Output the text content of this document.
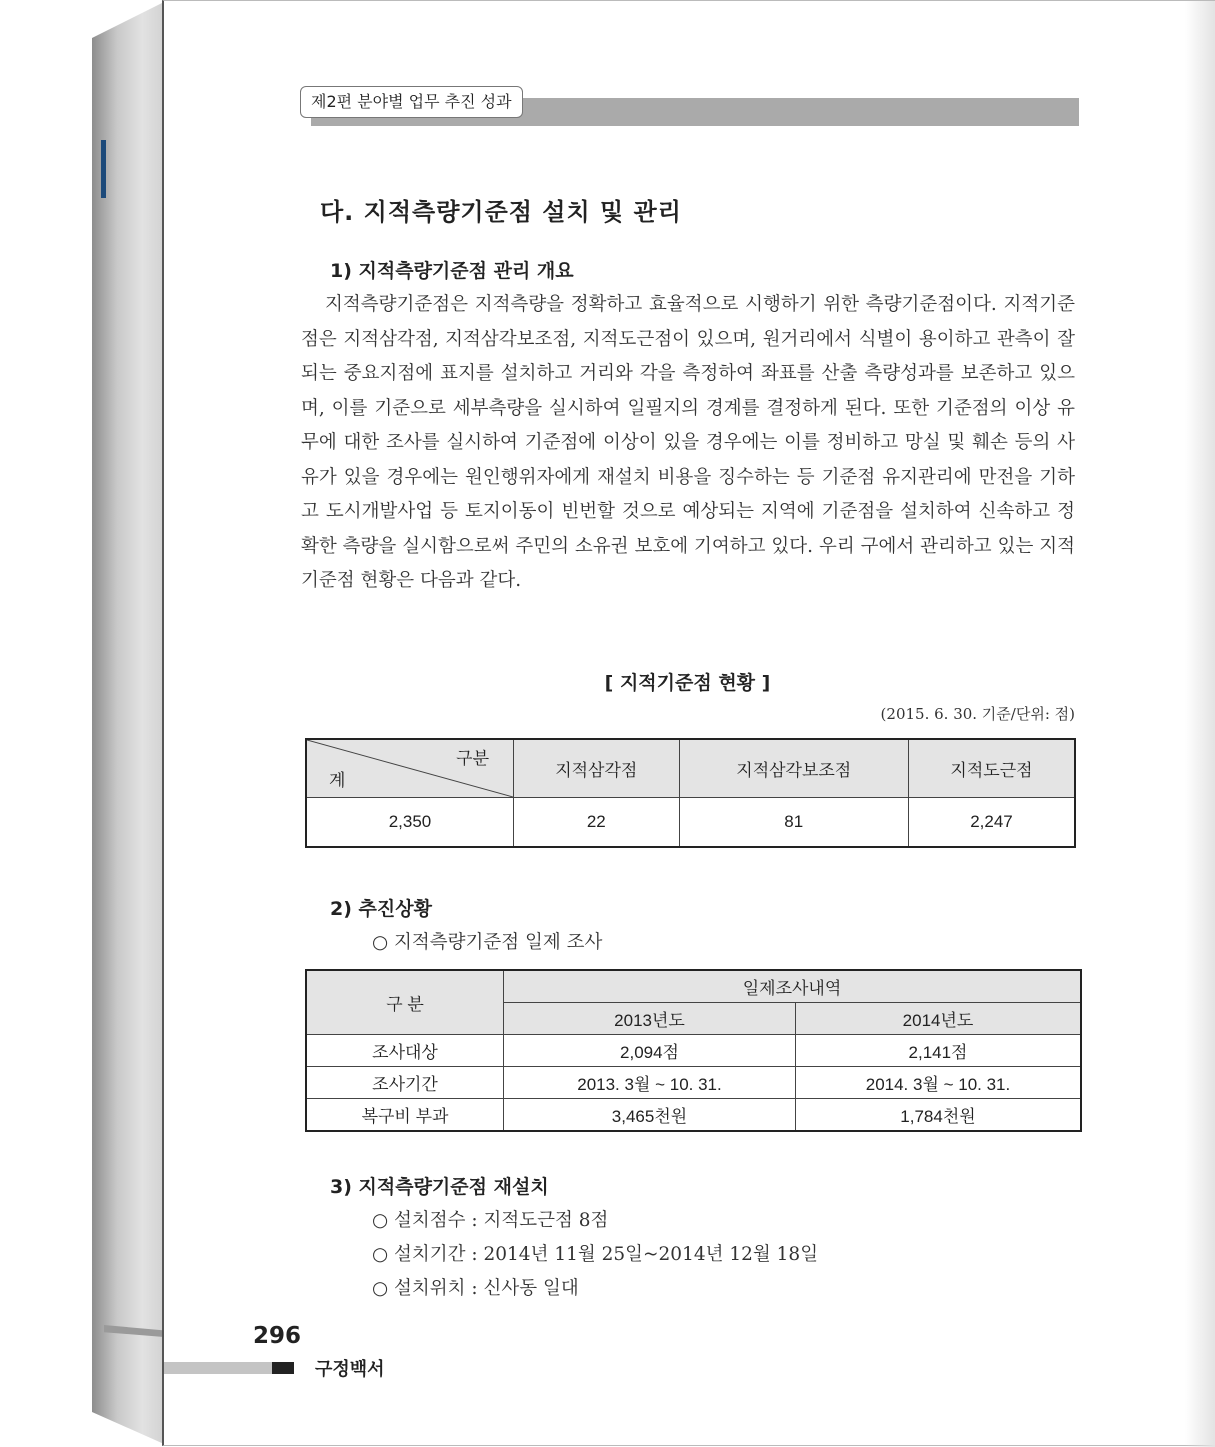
제2편 분야별 업무 추진 성과
다. 지적측량기준점 설치 및 관리
1) 지적측량기준점 관리 개요

지적측량기준점은 지적측량을 정확하고 효율적으로 시행하기 위한 측량기준점이다. 지적기준점은 지적삼각점, 지적삼각보조점, 지적도근점이 있으며, 원거리에서 식별이 용이하고 관측이 잘 되는 중요지점에 표지를 설치하고 거리와 각을 측정하여 좌표를 산출 측량성과를 보존하고 있으며, 이를 기준으로 세부측량을 실시하여 일필지의 경계를 결정하게 된다. 또한 기준점의 이상 유무에 대한 조사를 실시하여 기준점에 이상이 있을 경우에는 이를 정비하고 망실 및 훼손 등의 사유가 있을 경우에는 원인행위자에게 재설치 비용을 징수하는 등 기준점 유지관리에 만전을 기하고 도시개발사업 등 토지이동이 빈번할 것으로 예상되는 지역에 기준점을 설치하여 신속하고 정확한 측량을 실시함으로써 주민의 소유권 보호에 기여하고 있다. 우리 구에서 관리하고 있는 지적기준점 현황은 다음과 같다.

[ 지적기준점 현황 ]
(2015. 6. 30. 기준/단위: 점)
구분
계	지적삼각점	지적삼각보조점	지적도근점
2,350	22	81	2,247
2) 추진상황
○ 지적측량기준점 일제 조사
구 분	일제조사내역	
	2013년도	2014년도
조사대상	2,094점	2,141점
조사기간	2013. 3월 ~ 10. 31.	2014. 3월 ~ 10. 31.
복구비 부과	3,465천원	1,784천원
3) 지적측량기준점 재설치
○ 설치점수 : 지적도근점 8점
○ 설치기간 : 2014년 11월 25일~2014년 12월 18일
○ 설치위치 : 신사동 일대
296
구정백서
